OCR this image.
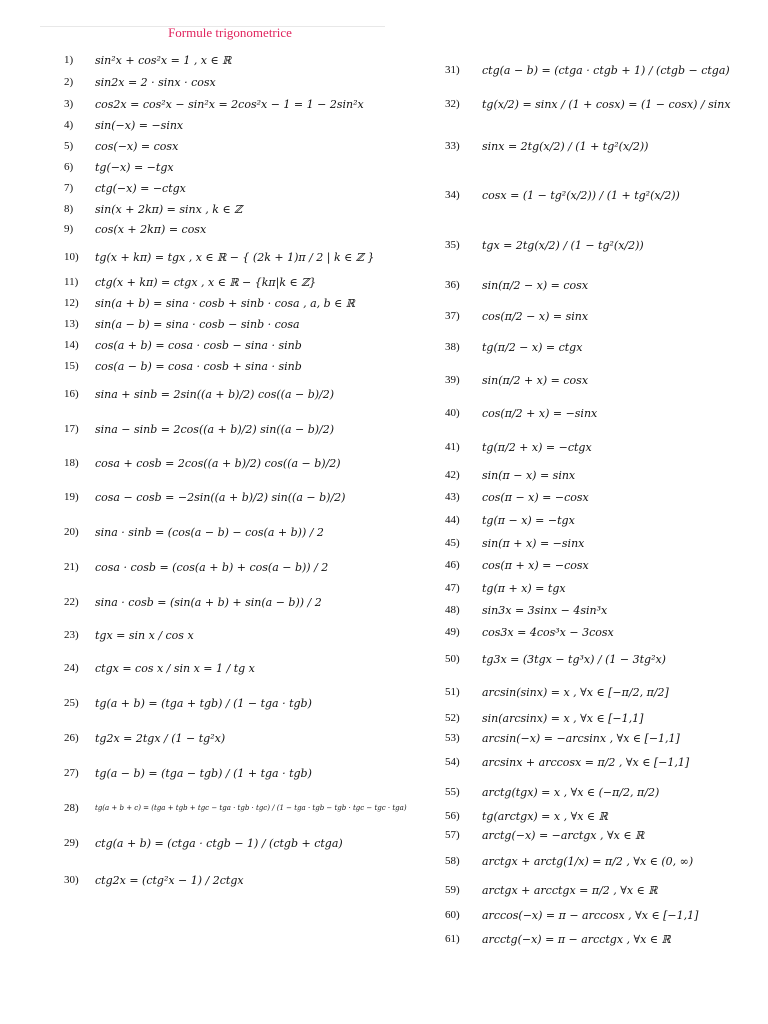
Formule trigonometrice
1)	sin²x + cos²x = 1 , x ∈ ℝ
2)	sin2x = 2 · sinx · cosx
3)	cos2x = cos²x − sin²x = 2cos²x − 1 = 1 − 2sin²x
4)	sin(−x) = −sinx
5)	cos(−x) = cosx
6)	tg(−x) = −tgx
7)	ctg(−x) = −ctgx
8)	sin(x + 2kπ) = sinx , k ∈ ℤ
9)	cos(x + 2kπ) = cosx
10)	tg(x + kπ) = tgx , x ∈ ℝ − { (2k + 1)π / 2 | k ∈ ℤ }
11)	ctg(x + kπ) = ctgx , x ∈ ℝ − {kπ|k ∈ ℤ}
12)	sin(a + b) = sina · cosb + sinb · cosa , a, b ∈ ℝ
13)	sin(a − b) = sina · cosb − sinb · cosa
14)	cos(a + b) = cosa · cosb − sina · sinb
15)	cos(a − b) = cosa · cosb + sina · sinb
16)	sina + sinb = 2sin((a + b)/2) cos((a − b)/2)
17)	sina − sinb = 2cos((a + b)/2) sin((a − b)/2)
18)	cosa + cosb = 2cos((a + b)/2) cos((a − b)/2)
19)	cosa − cosb = −2sin((a + b)/2) sin((a − b)/2)
20)	sina · sinb = (cos(a − b) − cos(a + b)) / 2
21)	cosa · cosb = (cos(a + b) + cos(a − b)) / 2
22)	sina · cosb = (sin(a + b) + sin(a − b)) / 2
23)	tgx = sin x / cos x
24)	ctgx = cos x / sin x = 1 / tg x
25)	tg(a + b) = (tga + tgb) / (1 − tga · tgb)
26)	tg2x = 2tgx / (1 − tg²x)
27)	tg(a − b) = (tga − tgb) / (1 + tga · tgb)
28)	tg(a + b + c) = (tga + tgb + tgc − tga · tgb · tgc) / (1 − tga · tgb − tgb · tgc − tgc · tga)
29)	ctg(a + b) = (ctga · ctgb − 1) / (ctgb + ctga)
30)	ctg2x = (ctg²x − 1) / 2ctgx
31)	ctg(a − b) = (ctga · ctgb + 1) / (ctgb − ctga)
32)	tg(x/2) = sinx / (1 + cosx) = (1 − cosx) / sinx
33)	sinx = 2tg(x/2) / (1 + tg²(x/2))
34)	cosx = (1 − tg²(x/2)) / (1 + tg²(x/2))
35)	tgx = 2tg(x/2) / (1 − tg²(x/2))
36)	sin(π/2 − x) = cosx
37)	cos(π/2 − x) = sinx
38)	tg(π/2 − x) = ctgx
39)	sin(π/2 + x) = cosx
40)	cos(π/2 + x) = −sinx
41)	tg(π/2 + x) = −ctgx
42)	sin(π − x) = sinx
43)	cos(π − x) = −cosx
44)	tg(π − x) = −tgx
45)	sin(π + x) = −sinx
46)	cos(π + x) = −cosx
47)	tg(π + x) = tgx
48)	sin3x = 3sinx − 4sin³x
49)	cos3x = 4cos³x − 3cosx
50)	tg3x = (3tgx − tg³x) / (1 − 3tg²x)
51)	arcsin(sinx) = x , ∀x ∈ [−π/2, π/2]
52)	sin(arcsinx) = x , ∀x ∈ [−1,1]
53)	arcsin(−x) = −arcsinx , ∀x ∈ [−1,1]
54)	arcsinx + arccosx = π/2 , ∀x ∈ [−1,1]
55)	arctg(tgx) = x , ∀x ∈ (−π/2, π/2)
56)	tg(arctgx) = x , ∀x ∈ ℝ
57)	arctg(−x) = −arctgx , ∀x ∈ ℝ
58)	arctgx + arctg(1/x) = π/2 , ∀x ∈ (0, ∞)
59)	arctgx + arcctgx = π/2 , ∀x ∈ ℝ
60)	arccos(−x) = π − arccosx , ∀x ∈ [−1,1]
61)	arcctg(−x) = π − arcctgx , ∀x ∈ ℝ
